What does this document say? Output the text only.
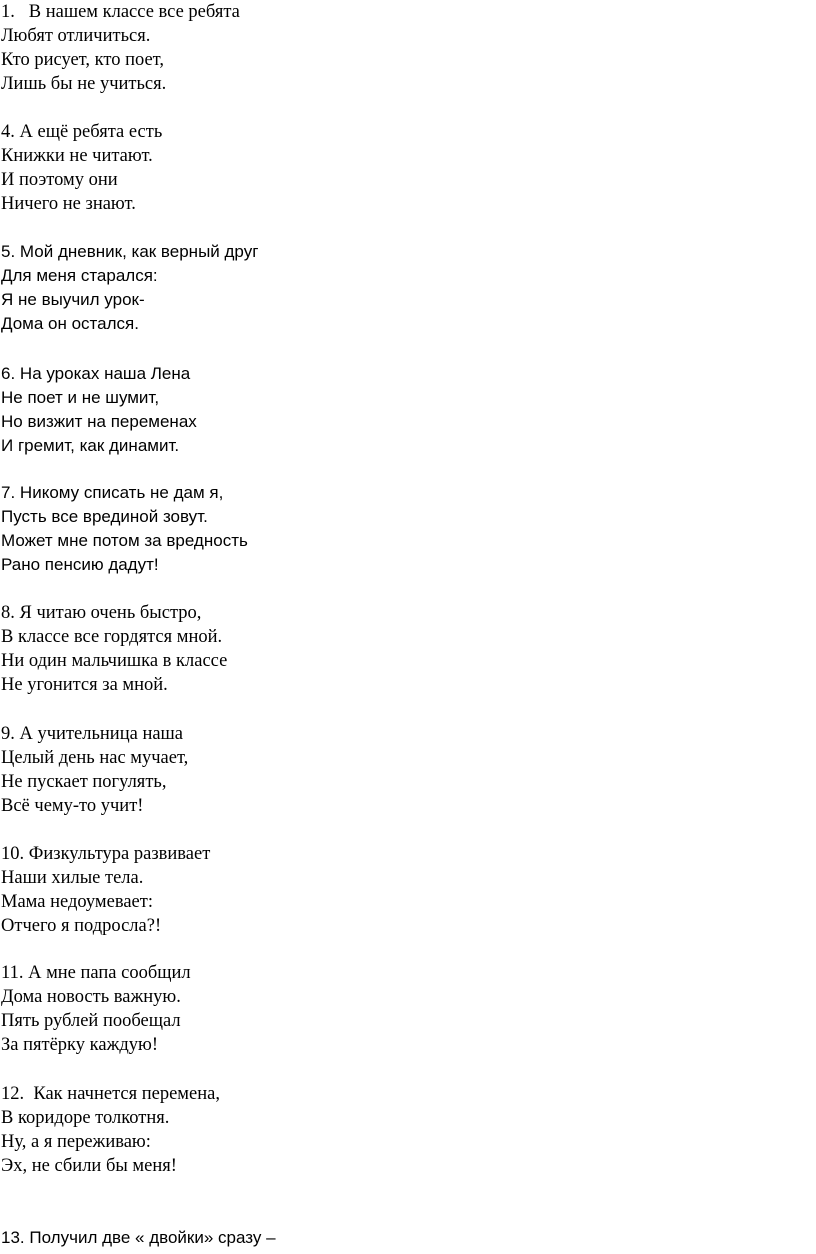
1. В нашем классе все ребята
Любят отличиться.
Кто рисует, кто поет,
Лишь бы не учиться.
4. А ещё ребята есть
Книжки не читают.
И поэтому они
Ничего не знают.
5. Мой дневник, как верный друг
Для меня старался:
Я не выучил урок-
Дома он остался.
6. На уроках наша Лена
Не поет и не шумит,
Но визжит на переменах
И гремит, как динамит.
7. Никому списать не дам я,
Пусть все врединой зовут.
Может мне потом за вредность
Рано пенсию дадут!
8. Я читаю очень быстро,
В классе все гордятся мной.
Ни один мальчишка в классе
Не угонится за мной.
9. А учительница наша
Целый день нас мучает,
Не пускает погулять,
Всё чему-то учит!
10. Физкультура развивает
Наши хилые тела.
Мама недоумевает:
Отчего я подросла?!
11. А мне папа сообщил
Дома новость важную.
Пять рублей пообещал
За пятёрку каждую!
12. Как начнется перемена,
В коридоре толкотня.
Ну, а я переживаю:
Эх, не сбили бы меня!
13. Получил две « двойки» сразу –
